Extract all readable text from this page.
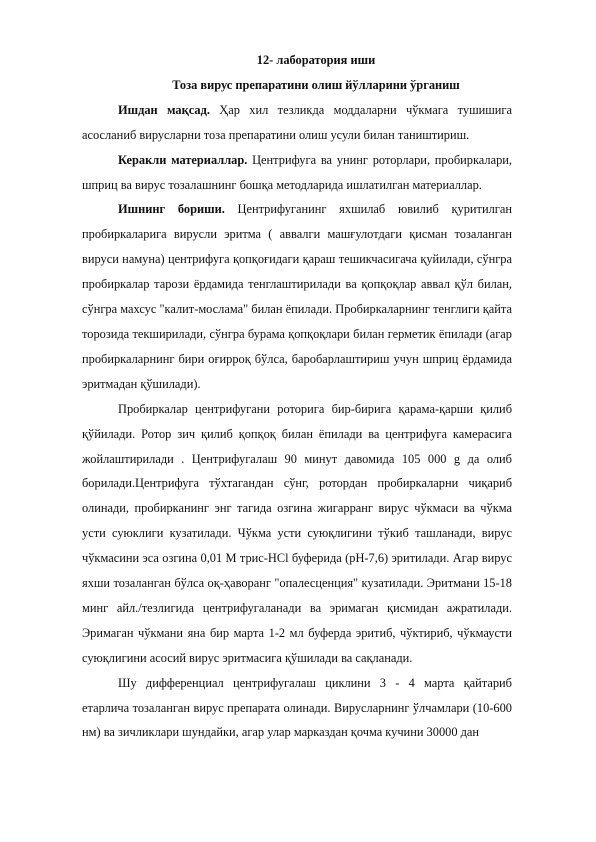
12- лаборатория иши

Тоза вирус препаратини олиш йўлларини ўрганиш

Ишдан мақсад. Ҳар хил тезликда моддаларни чўкмага тушишига асосланиб вирусларни тоза препаратини олиш усули билан таништириш.

Керакли материаллар. Центрифуга ва унинг роторлари, пробиркалари, шприц ва вирус тозалашнинг бошқа методларида ишлатилган материаллар.

Ишнинг бориши. Центрифуганинг яхшилаб ювилиб қуритилган пробиркаларига вирусли эритма ( аввалги машғулотдаги қисман тозаланган вируси намуна) центрифуга қопқоғидаги қараш тешикчасигача қуйилади, сўнгра пробиркалар тарози ёрдамида тенглаштирилади ва қопқоқлар аввал қўл билан, сўнгра махсус "калит-мослама" билан ёпилади. Пробиркаларнинг тенглиги қайта торозида текширилади, сўнгра бурама қопқоқлари билан герметик ёпилади (агар пробиркаларнинг бири оғирроқ бўлса, баробарлаштириш учун шприц ёрдамида эритмадан қўшилади).

Пробиркалар центрифугани роторига бир-бирига қарама-қарши қилиб қўйилади. Ротор зич қилиб қопқоқ билан ёпилади ва центрифуга камерасига жойлаштирилади . Центрифугалаш 90 минут давомида 105 000 g да олиб борилади.Центрифуга тўхтагандан сўнг, ротордан пробиркаларни чиқариб олинади, пробирканинг энг тагида озгина жигарранг вирус чўкмаси ва чўкма усти суюклиги кузатилади. Чўкма усти суюқлигини тўкиб ташланади, вирус чўкмасини эса озгина 0,01 М трис-HCl буферида (pH-7,6) эритилади. Агар вирус яхши тозаланган бўлса оқ-ҳаворанг "опалесценция" кузатилади. Эритмани 15-18 минг айл./тезлигида центрифугаланади ва эримаган қисмидан ажратилади. Эримаган чўкмани яна бир марта 1-2 мл буферда эритиб, чўктириб, чўкмаусти суюқлигини асосий вирус эритмасига қўшилади ва сақланади.

Шу дифференциал центрифугалаш циклини 3 - 4 марта қайтариб етарлича тозаланган вирус препарата олинади. Вирусларнинг ўлчамлари (10-600 нм) ва зичликлари шундайки, агар улар марказдан қочма кучини 30000 дан
